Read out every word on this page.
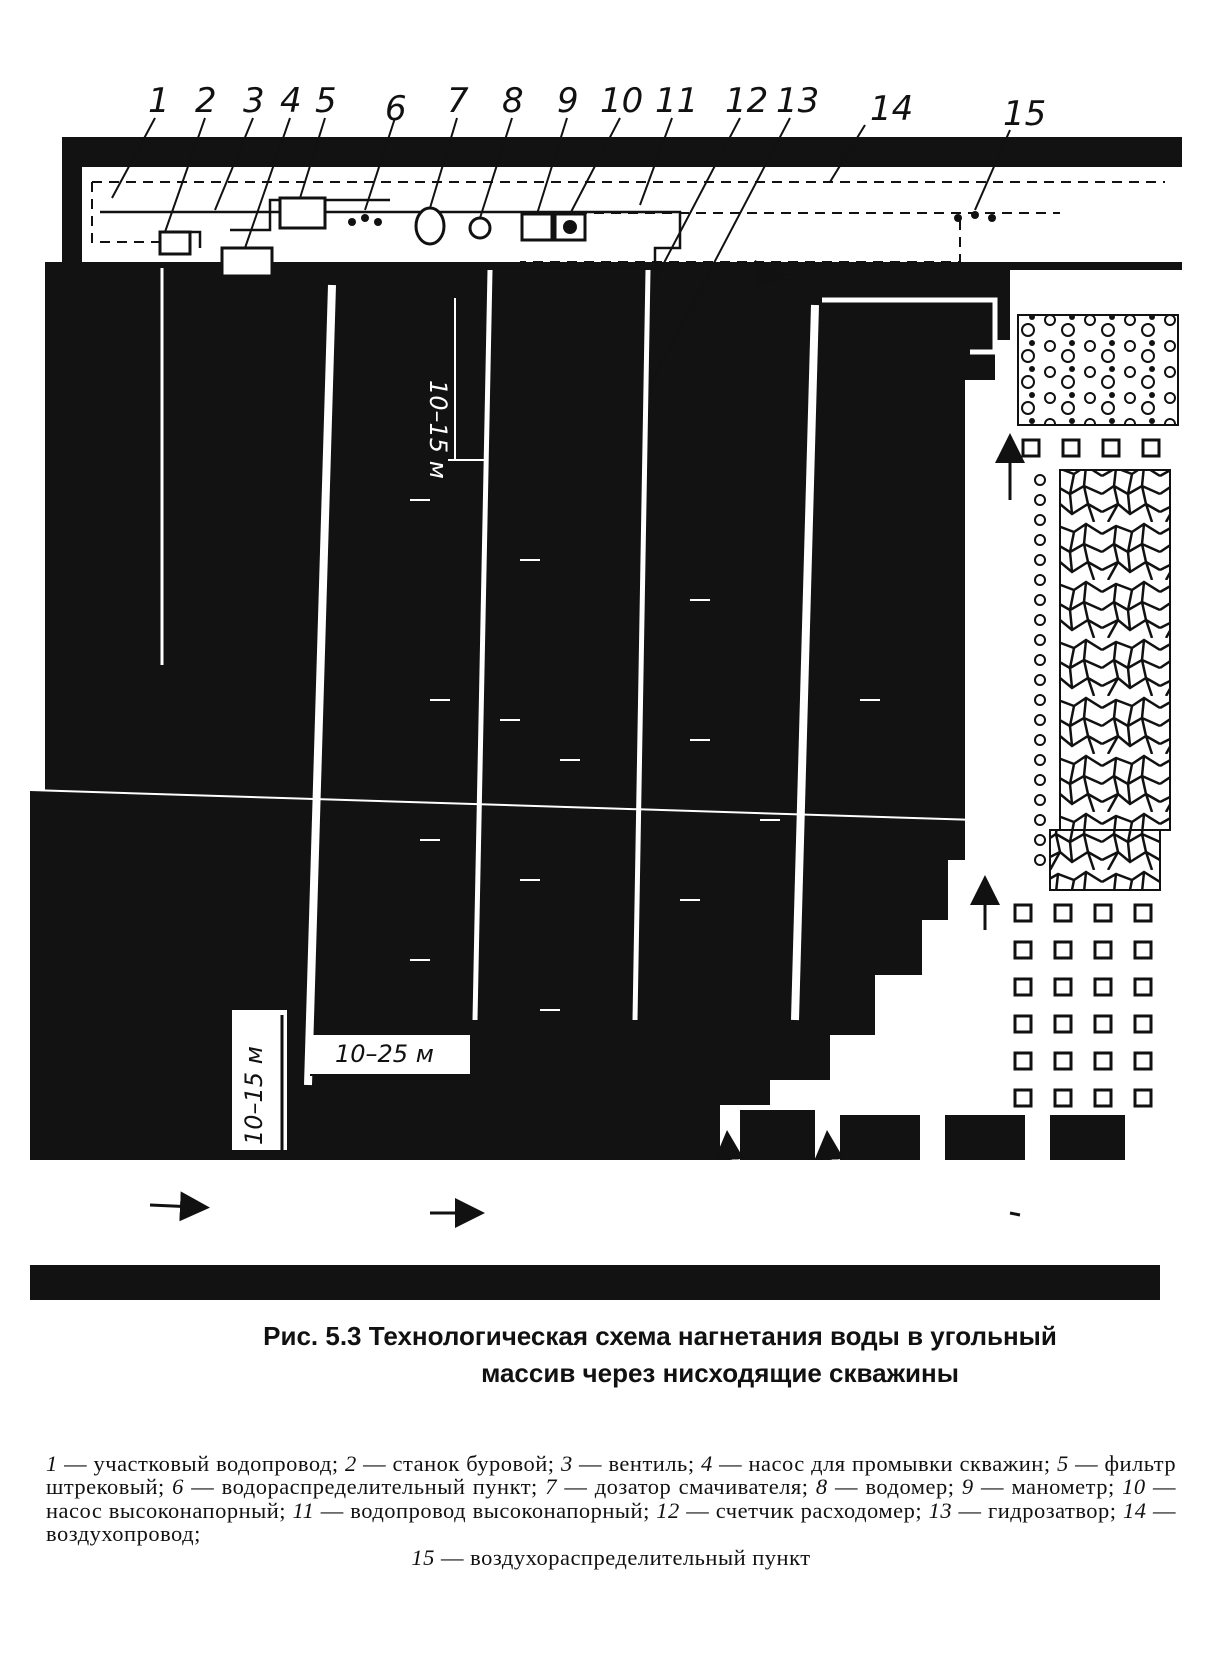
10–15 м
10–15 м	10–25 м
1 2 3 4 5 6 7 8 9 10 11 12 13 14	15
Рис. 5.3 Технологическая схема нагнетания воды в угольный
массив через нисходящие скважины
1 — участковый водопровод; 2 — станок буровой; 3 — вентиль; 4 — насос для промывки скважин; 5 — фильтр штрековый; 6 — водораспределительный пункт; 7 — дозатор смачивателя; 8 — водомер; 9 — манометр; 10 — насос высоконапорный; 11 — водопровод высоконапорный; 12 — счетчик расходомер; 13 — гидрозатвор; 14 — воздухопровод;
15 — воздухораспределительный пункт
